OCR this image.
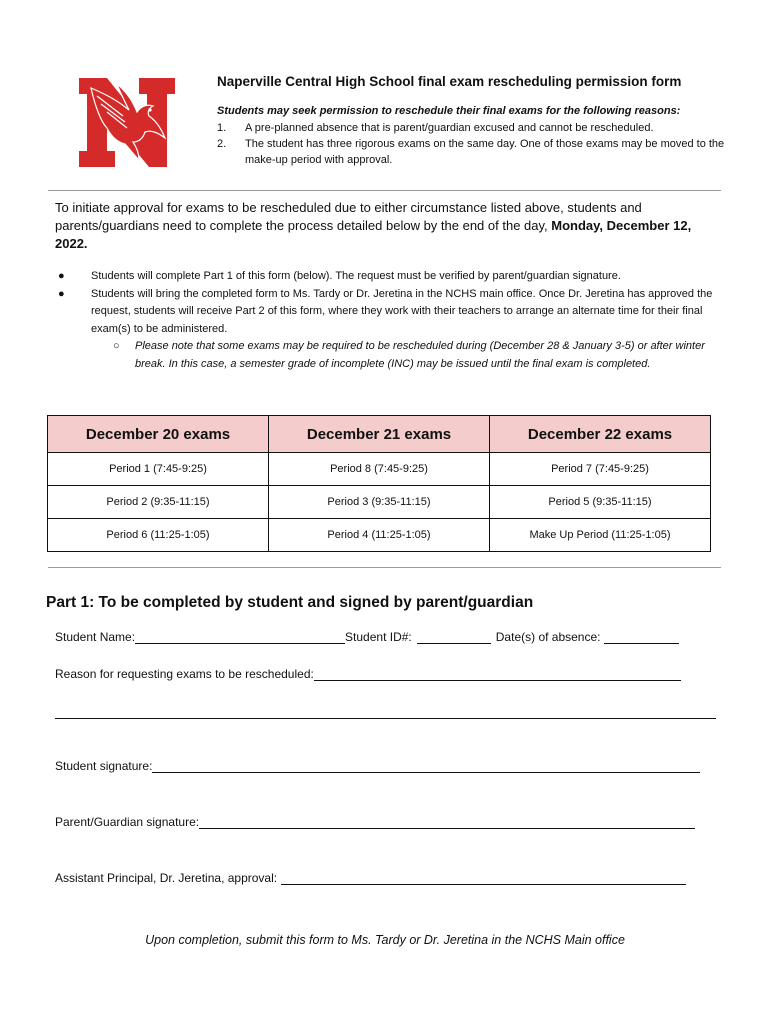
Naperville Central High School final exam rescheduling permission form

Students may seek permission to reschedule their final exams for the following reasons:

1. A pre-planned absence that is parent/guardian excused and cannot be rescheduled.
2. The student has three rigorous exams on the same day. One of those exams may be moved to the make-up period with approval.

To initiate approval for exams to be rescheduled due to either circumstance listed above, students and parents/guardians need to complete the process detailed below by the end of the day, Monday, December 12, 2022.

● Students will complete Part 1 of this form (below). The request must be verified by parent/guardian signature.
● Students will bring the completed form to Ms. Tardy or Dr. Jeretina in the NCHS main office. Once Dr. Jeretina has approved the request, students will receive Part 2 of this form, where they work with their teachers to arrange an alternate time for their final exam(s) to be administered.
○ Please note that some exams may be required to be rescheduled during (December 28 & January 3-5) or after winter break. In this case, a semester grade of incomplete (INC) may be issued until the final exam is completed.
December 20 exams	December 21 exams	December 22 exams
Period 1 (7:45-9:25)	Period 8 (7:45-9:25)	Period 7 (7:45-9:25)
Period 2 (9:35-11:15)	Period 3 (9:35-11:15)	Period 5 (9:35-11:15)
Period 6 (11:25-1:05)	Period 4 (11:25-1:05)	Make Up Period (11:25-1:05)

Part 1: To be completed by student and signed by parent/guardian

Student Name:	Student ID#:	Date(s) of absence:
Reason for requesting exams to be rescheduled:
Student signature:
Parent/Guardian signature:
Assistant Principal, Dr. Jeretina, approval:

Upon completion, submit this form to Ms. Tardy or Dr. Jeretina in the NCHS Main office
